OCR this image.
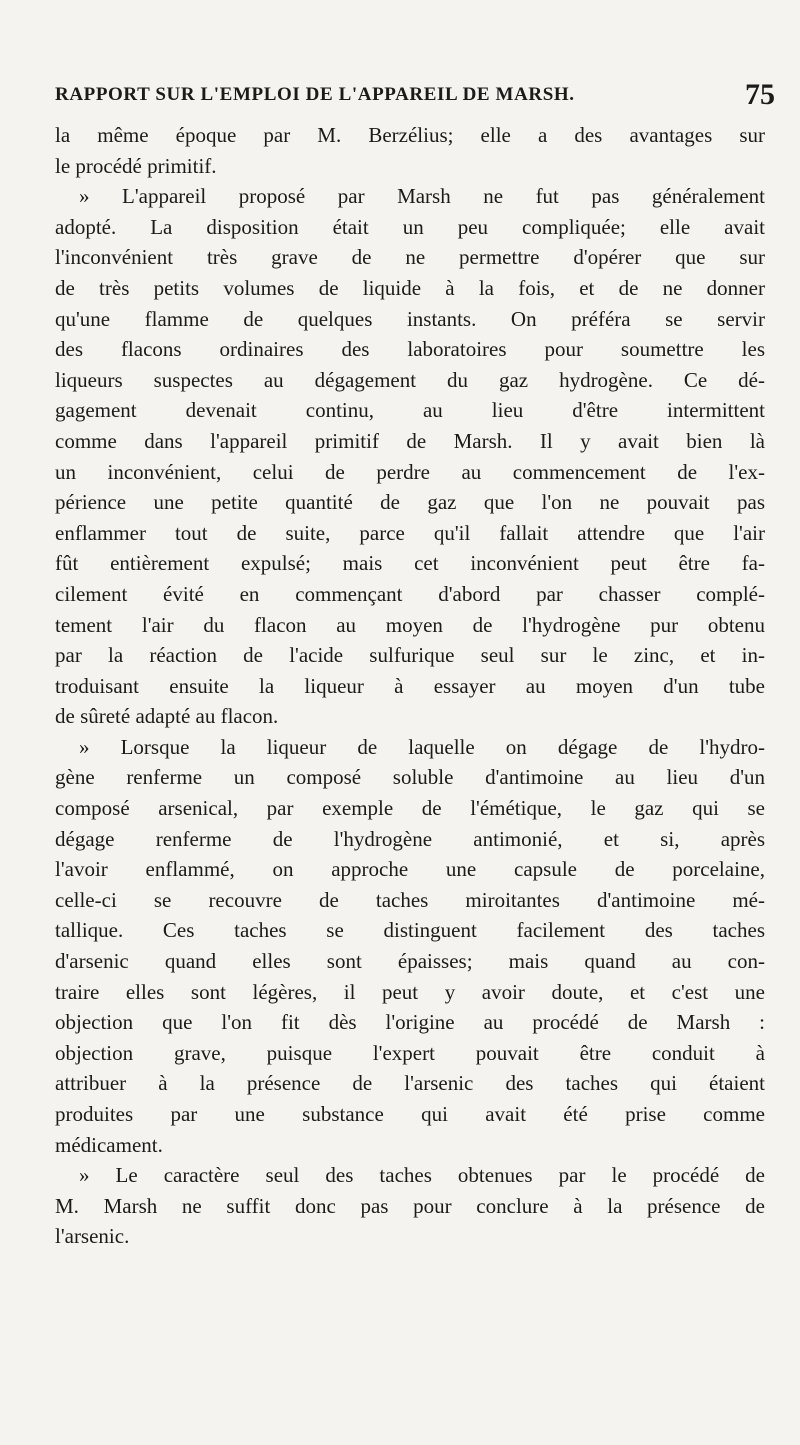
RAPPORT SUR L'EMPLOI DE L'APPAREIL DE MARSH.	75
la même époque par M. Berzélius; elle a des avantages sur
le procédé primitif.
» L'appareil proposé par Marsh ne fut pas généralement
adopté. La disposition était un peu compliquée; elle avait
l'inconvénient très grave de ne permettre d'opérer que sur
de très petits volumes de liquide à la fois, et de ne donner
qu'une flamme de quelques instants. On préféra se servir
des flacons ordinaires des laboratoires pour soumettre les
liqueurs suspectes au dégagement du gaz hydrogène. Ce dé-
gagement devenait continu, au lieu d'être intermittent
comme dans l'appareil primitif de Marsh. Il y avait bien là
un inconvénient, celui de perdre au commencement de l'ex-
périence une petite quantité de gaz que l'on ne pouvait pas
enflammer tout de suite, parce qu'il fallait attendre que l'air
fût entièrement expulsé; mais cet inconvénient peut être fa-
cilement évité en commençant d'abord par chasser complé-
tement l'air du flacon au moyen de l'hydrogène pur obtenu
par la réaction de l'acide sulfurique seul sur le zinc, et in-
troduisant ensuite la liqueur à essayer au moyen d'un tube
de sûreté adapté au flacon.
» Lorsque la liqueur de laquelle on dégage de l'hydro-
gène renferme un composé soluble d'antimoine au lieu d'un
composé arsenical, par exemple de l'émétique, le gaz qui se
dégage renferme de l'hydrogène antimonié, et si, après
l'avoir enflammé, on approche une capsule de porcelaine,
celle-ci se recouvre de taches miroitantes d'antimoine mé-
tallique. Ces taches se distinguent facilement des taches
d'arsenic quand elles sont épaisses; mais quand au con-
traire elles sont légères, il peut y avoir doute, et c'est une
objection que l'on fit dès l'origine au procédé de Marsh :
objection grave, puisque l'expert pouvait être conduit à
attribuer à la présence de l'arsenic des taches qui étaient
produites par une substance qui avait été prise comme
médicament.
» Le caractère seul des taches obtenues par le procédé de
M. Marsh ne suffit donc pas pour conclure à la présence de
l'arsenic.
